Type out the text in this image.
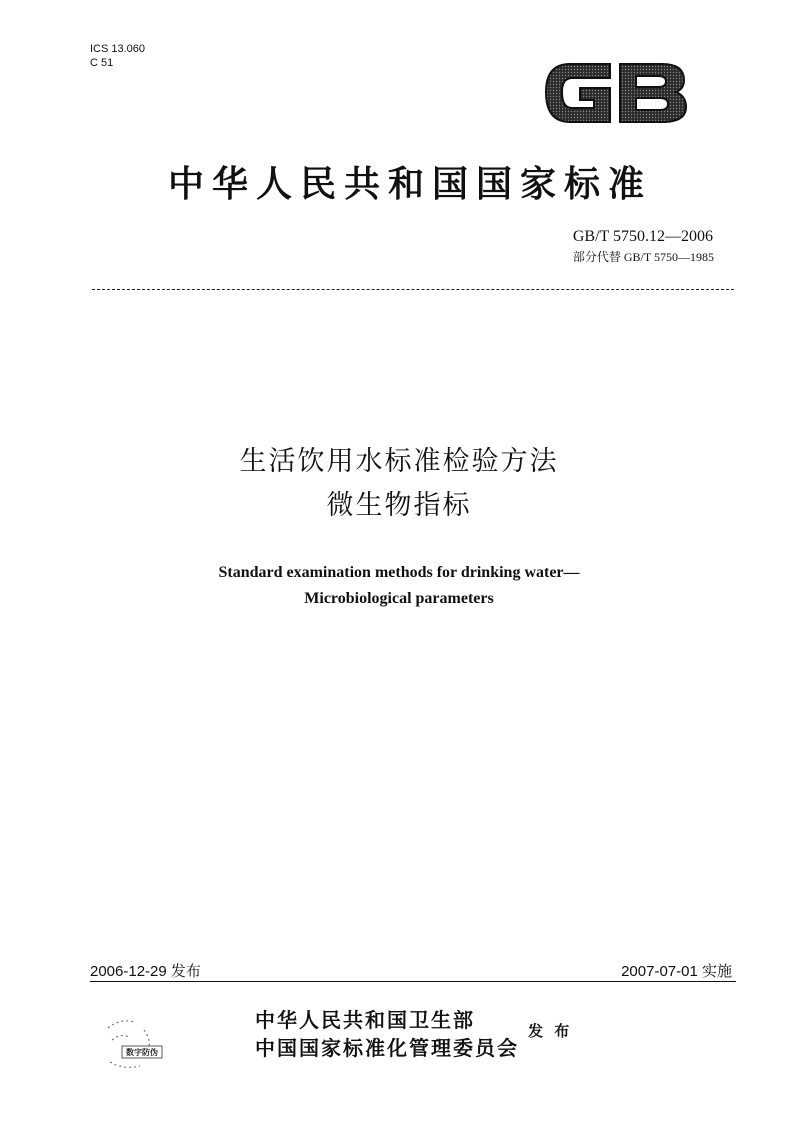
ICS 13.060
C 51
中华人民共和国国家标准
GB/T 5750.12—2006
部分代替 GB/T 5750—1985
生活饮用水标准检验方法
微生物指标
Standard examination methods for drinking water—
Microbiological parameters
2006-12-29 发布	2007-07-01 实施
数字防伪
中华人民共和国卫生部
中国国家标准化管理委员会
发 布
